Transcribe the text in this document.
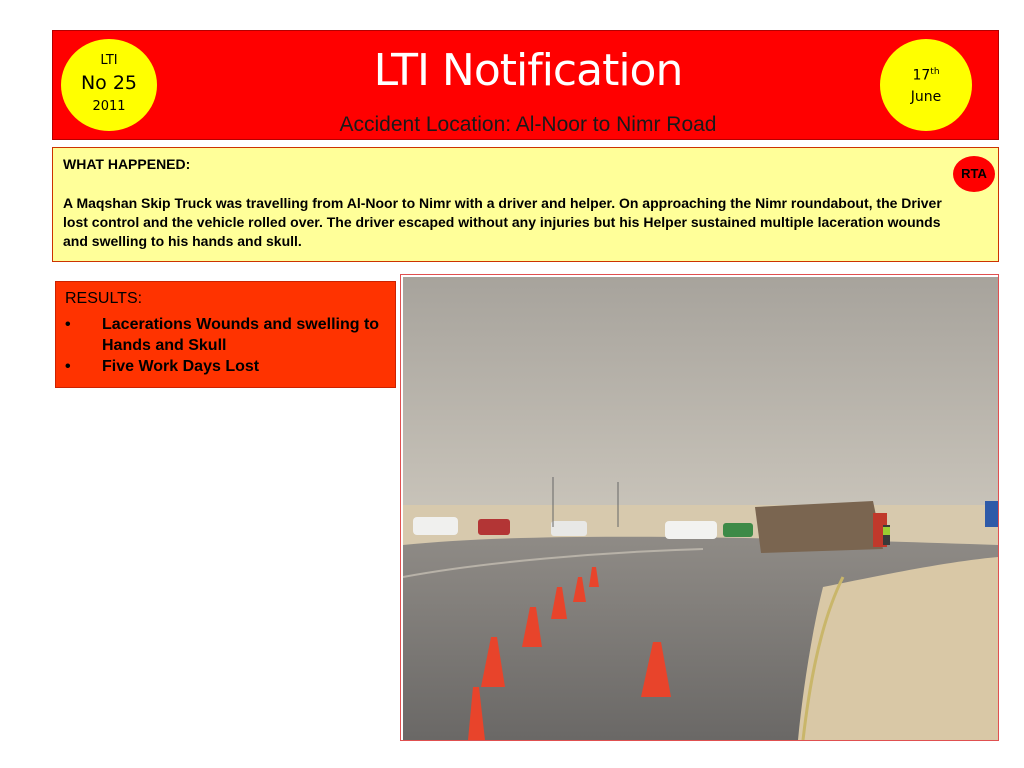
LTI
No 25
2011
LTI Notification
Accident Location: Al-Noor to Nimr Road
17th
June
WHAT HAPPENED:
RTA
A Maqshan Skip Truck was travelling from Al-Noor to Nimr with a driver and helper. On approaching the Nimr roundabout, the Driver lost control and the vehicle rolled over. The driver escaped without any injuries but his Helper sustained multiple laceration wounds and swelling to his hands and skull.
RESULTS:
• Lacerations Wounds and swelling to Hands and Skull
• Five Work Days Lost
